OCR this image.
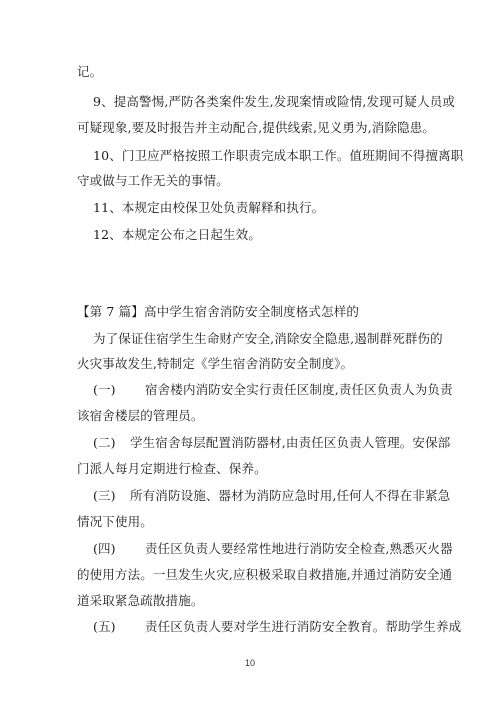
记。
9、提高警惕,严防各类案件发生,发现案情或险情,发现可疑人员或
可疑现象,要及时报告并主动配合,提供线索,见义勇为,消除隐患。
10、门卫应严格按照工作职责完成本职工作。值班期间不得擅离职
守或做与工作无关的事情。
11、本规定由校保卫处负责解释和执行。
12、本规定公布之日起生效。
【第 7 篇】高中学生宿舍消防安全制度格式怎样的
为了保证住宿学生生命财产安全,消除安全隐患,遏制群死群伤的
火灾事故发生,特制定《学生宿舍消防安全制度》。
(一) 宿舍楼内消防安全实行责任区制度,责任区负责人为负责
该宿舍楼层的管理员。
(二) 学生宿舍每层配置消防器材,由责任区负责人管理。安保部
门派人每月定期进行检查、保养。
(三) 所有消防设施、器材为消防应急时用,任何人不得在非紧急
情况下使用。
(四) 责任区负责人要经常性地进行消防安全检查,熟悉灭火器
的使用方法。一旦发生火灾,应积极采取自救措施,并通过消防安全通
道采取紧急疏散措施。
(五) 责任区负责人要对学生进行消防安全教育。帮助学生养成
10
